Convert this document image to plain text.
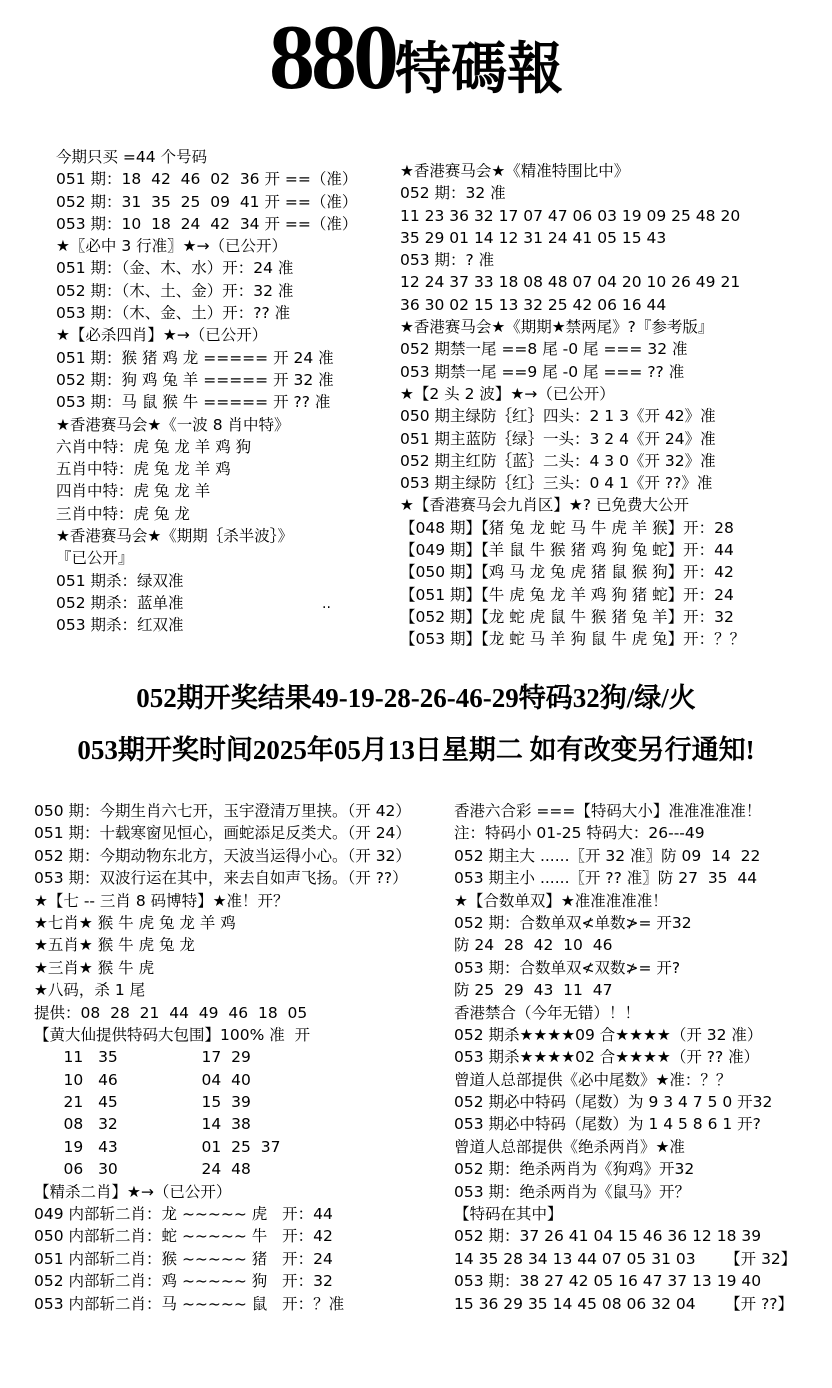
880特碼報
今期只买 =44 个号码
051 期：18  42  46  02  36 开 ==（准）
052 期：31  35  25  09  41 开 ==（准）
053 期：10  18  24  42  34 开 ==（准）
★〖必中 3 行准〗★→（已公开）
051 期：（金、木、水）开：24 准
052 期：（木、土、金）开：32 准
053 期：（木、金、土）开：?? 准
★【必杀四肖】★→（已公开）
051 期：猴 猪 鸡 龙 ===== 开 24 准
052 期：狗 鸡 兔 羊 ===== 开 32 准
053 期：马 鼠 猴 牛 ===== 开 ?? 准
★香港赛马会★《一波 8 肖中特》
六肖中特：虎 兔 龙 羊 鸡 狗
五肖中特：虎 兔 龙 羊 鸡
四肖中特：虎 兔 龙 羊
三肖中特：虎 兔 龙
★香港赛马会★《期期｛杀半波｝》
『已公开』
051 期杀：绿双准
052 期杀：蓝单准
053 期杀：红双准
★香港赛马会★《精准特围比中》
052 期：32 准
11 23 36 32 17 07 47 06 03 19 09 25 48 20
35 29 01 14 12 31 24 41 05 15 43
053 期：? 准
12 24 37 33 18 08 48 07 04 20 10 26 49 21
36 30 02 15 13 32 25 42 06 16 44
★香港赛马会★《期期★禁两尾》?『参考版』
052 期禁一尾 ==8 尾 -0 尾 === 32 准
053 期禁一尾 ==9 尾 -0 尾 === ?? 准
★【2 头 2 波】★→（已公开）
050 期主绿防｛红｝四头：2 1 3《开 42》准
051 期主蓝防｛绿｝一头：3 2 4《开 24》准
052 期主红防｛蓝｝二头：4 3 0《开 32》准
053 期主绿防｛红｝三头：0 4 1《开 ??》准
★【香港赛马会九肖区】★? 已免费大公开
【048 期】【猪 兔 龙 蛇 马 牛 虎 羊 猴】开：28
【049 期】【羊 鼠 牛 猴 猪 鸡 狗 兔 蛇】开：44
【050 期】【鸡 马 龙 兔 虎 猪 鼠 猴 狗】开：42
【051 期】【牛 虎 兔 龙 羊 鸡 狗 猪 蛇】开：24
【052 期】【龙 蛇 虎 鼠 牛 猴 猪 兔 羊】开：32
【053 期】【龙 蛇 马 羊 狗 鼠 牛 虎 兔】开：？？
..
052期开奖结果49-19-28-26-46-29特码32狗/绿/火
053期开奖时间2025年05月13日星期二 如有改变另行通知!
050 期：今期生肖六七开，玉宇澄清万里挟。（开 42）
051 期：十载寒窗见恒心，画蛇添足反类犬。（开 24）
052 期：今期动物东北方，天波当运得小心。（开 32）
053 期：双波行运在其中，来去自如声飞扬。（开 ??）
★【七 -- 三肖 8 码博特】★准！开？
★七肖★ 猴 牛 虎 兔 龙 羊 鸡
★五肖★ 猴 牛 虎 兔 龙
★三肖★ 猴 牛 虎
★八码，杀 1 尾
提供：08  28  21  44  49  46  18  05
【黄大仙提供特码大包围】100% 准  开
11   35                 17  29
10   46                 04  40
21   45                 15  39
08   32                 14  38
19   43                 01  25  37
06   30                 24  48
【精杀二肖】★→（已公开）
049 内部斩二肖：龙 ~~~~~ 虎   开：44
050 内部斩二肖：蛇 ~~~~~ 牛   开：42
051 内部斩二肖：猴 ~~~~~ 猪   开：24
052 内部斩二肖：鸡 ~~~~~ 狗   开：32
053 内部斩二肖：马 ~~~~~ 鼠   开：？准
香港六合彩 ===【特码大小】准准准准准！
注：特码小 01-25 特码大：26---49
052 期主大 ......〖开 32 准〗防 09  14  22
053 期主小 ......〖开 ?? 准〗防 27  35  44
★【合数单双】★准准准准准！
052 期：合数单双≮单数≯= 开32
防 24  28  42  10  46
053 期：合数单双≮双数≯= 开?
防 25  29  43  11  47
香港禁合（今年无错）！！
052 期杀★★★★09 合★★★★（开 32 准）
053 期杀★★★★02 合★★★★（开 ?? 准）
曾道人总部提供《必中尾数》★准：？？
052 期必中特码（尾数）为 9 3 4 7 5 0 开32
053 期必中特码（尾数）为 1 4 5 8 6 1 开?
曾道人总部提供《绝杀两肖》★准
052 期：绝杀两肖为《狗鸡》开32
053 期：绝杀两肖为《鼠马》开？
【特码在其中】
052 期：37 26 41 04 15 46 36 12 18 39
14 35 28 34 13 44 07 05 31 03      【开 32】
053 期：38 27 42 05 16 47 37 13 19 40
15 36 29 35 14 45 08 06 32 04      【开 ??】
